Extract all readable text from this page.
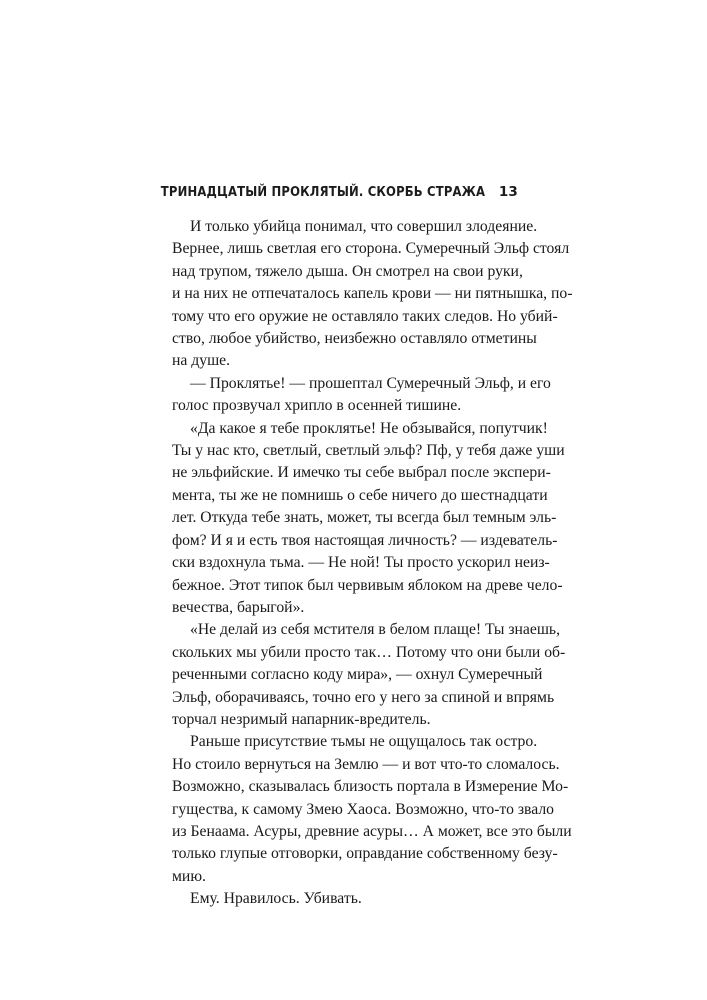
ТРИНАДЦАТЫЙ ПРОКЛЯТЫЙ. СКОРБЬ СТРАЖА 13

И только убийца понимал, что совершил злодеяние.
Вернее, лишь светлая его сторона. Сумеречный Эльф стоял
над трупом, тяжело дыша. Он смотрел на свои руки,
и на них не отпечаталось капель крови — ни пятнышка, по-
тому что его оружие не оставляло таких следов. Но убий-
ство, любое убийство, неизбежно оставляло отметины
на душе.

— Проклятье! — прошептал Сумеречный Эльф, и его
голос прозвучал хрипло в осенней тишине.

«Да какое я тебе проклятье! Не обзывайся, попутчик!
Ты у нас кто, светлый, светлый эльф? Пф, у тебя даже уши
не эльфийские. И имечко ты себе выбрал после экспери-
мента, ты же не помнишь о себе ничего до шестнадцати
лет. Откуда тебе знать, может, ты всегда был темным эль-
фом? И я и есть твоя настоящая личность? — издеватель-
ски вздохнула тьма. — Не ной! Ты просто ускорил неиз-
бежное. Этот типок был червивым яблоком на древе чело-
вечества, барыгой».

«Не делай из себя мстителя в белом плаще! Ты знаешь,
скольких мы убили просто так… Потому что они были об-
реченными согласно коду мира», — охнул Сумеречный
Эльф, оборачиваясь, точно его у него за спиной и впрямь
торчал незримый напарник-вредитель.

Раньше присутствие тьмы не ощущалось так остро.
Но стоило вернуться на Землю — и вот что-то сломалось.
Возможно, сказывалась близость портала в Измерение Мо-
гущества, к самому Змею Хаоса. Возможно, что-то звало
из Бенаама. Асуры, древние асуры… А может, все это были
только глупые отговорки, оправдание собственному безу-
мию.

Ему. Нравилось. Убивать.
